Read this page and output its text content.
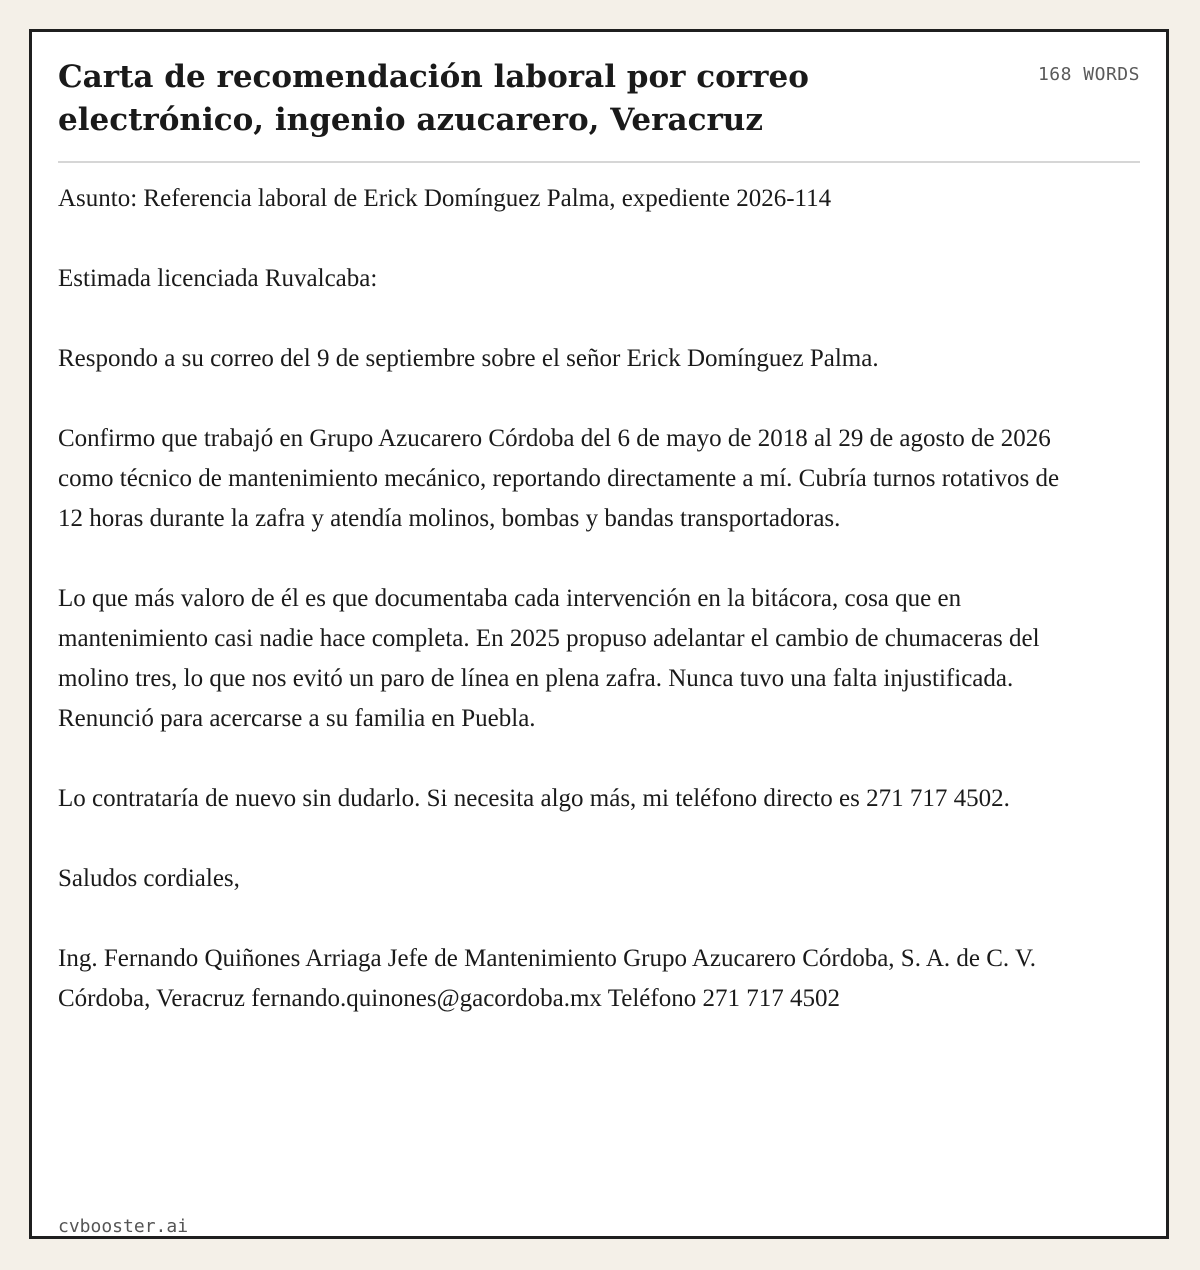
Carta de recomendación laboral por correo electrónico, ingenio azucarero, Veracruz
168 WORDS

Asunto: Referencia laboral de Erick Domínguez Palma, expediente 2026-114

Estimada licenciada Ruvalcaba:

Respondo a su correo del 9 de septiembre sobre el señor Erick Domínguez Palma.

Confirmo que trabajó en Grupo Azucarero Córdoba del 6 de mayo de 2018 al 29 de agosto de 2026 como técnico de mantenimiento mecánico, reportando directamente a mí. Cubría turnos rotativos de 12 horas durante la zafra y atendía molinos, bombas y bandas transportadoras.

Lo que más valoro de él es que documentaba cada intervención en la bitácora, cosa que en mantenimiento casi nadie hace completa. En 2025 propuso adelantar el cambio de chumaceras del molino tres, lo que nos evitó un paro de línea en plena zafra. Nunca tuvo una falta injustificada. Renunció para acercarse a su familia en Puebla.

Lo contrataría de nuevo sin dudarlo. Si necesita algo más, mi teléfono directo es 271 717 4502.

Saludos cordiales,

Ing. Fernando Quiñones Arriaga Jefe de Mantenimiento Grupo Azucarero Córdoba, S. A. de C. V. Córdoba, Veracruz fernando.quinones@gacordoba.mx Teléfono 271 717 4502

cvbooster.ai
